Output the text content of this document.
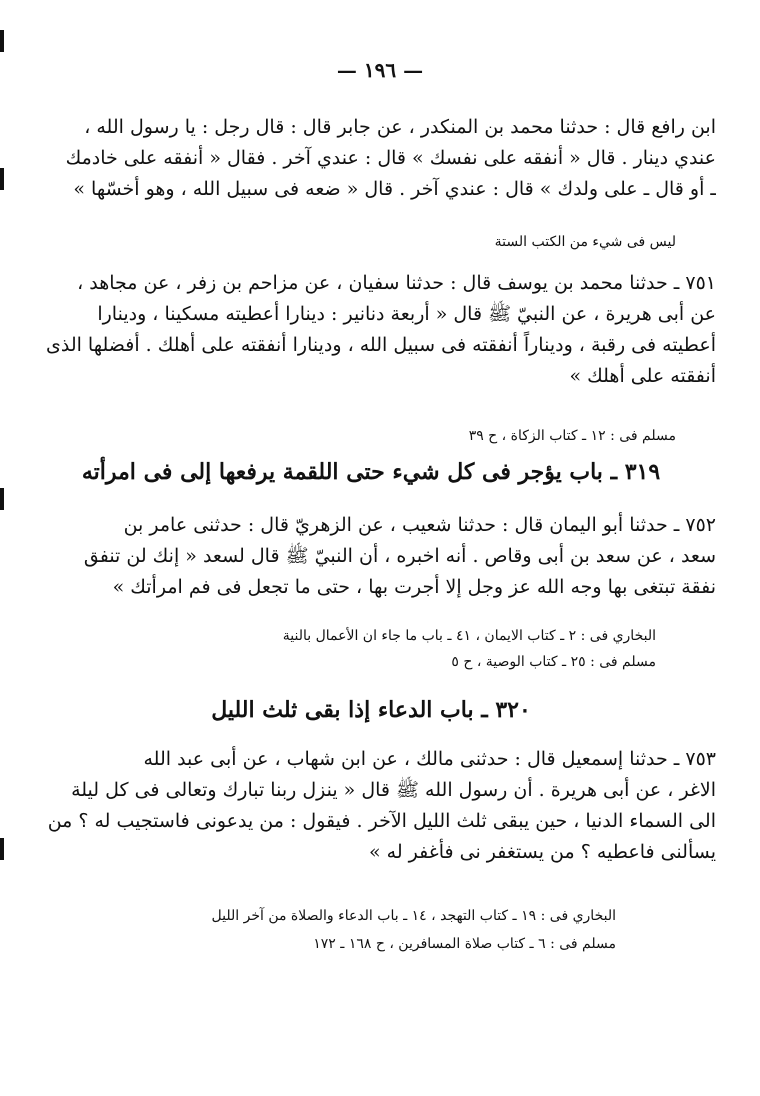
— ١٩٦ —
ابن رافع قال : حدثنا محمد بن المنكدر ، عن جابر قال : قال رجل : يا رسول الله ،
عندي دينار . قال « أنفقه على نفسك » قال : عندي آخر . فقال « أنفقه على خادمك
ـ أو قال ـ على ولدك » قال : عندي آخر . قال « ضعه فى سبيل الله ، وهو أخسّها »
ليس فى شيء من الكتب الستة
٧٥١ ـ حدثنا محمد بن يوسف قال : حدثنا سفيان ، عن مزاحم بن زفر ، عن مجاهد ،
عن أبى هريرة ، عن النبيّ ﷺ قال « أربعة دنانير : دينارا أعطيته مسكينا ، ودينارا
أعطيته فى رقبة ، وديناراً أنفقته فى سبيل الله ، ودينارا أنفقته على أهلك . أفضلها الذى
أنفقته على أهلك »
مسلم فى : ١٢ ـ كتاب الزكاة ، ح ٣٩
٣١٩ ـ باب يؤجر فى كل شيء حتى اللقمة يرفعها إلى فى امرأته
٧٥٢ ـ حدثنا أبو اليمان قال : حدثنا شعيب ، عن الزهريّ قال : حدثنى عامر بن
سعد ، عن سعد بن أبى وقاص . أنه اخبره ، أن النبيّ ﷺ قال لسعد « إنك لن تنفق
نفقة تبتغى بها وجه الله عز وجل إلا أجرت بها ، حتى ما تجعل فى فم امرأتك »
البخاري فى : ٢ ـ كتاب الايمان ، ٤١ ـ باب ما جاء ان الأعمال بالنية
مسلم فى : ٢٥ ـ كتاب الوصية ، ح ٥
٣٢٠ ـ باب الدعاء إذا بقى ثلث الليل
٧٥٣ ـ حدثنا إسمعيل قال : حدثنى مالك ، عن ابن شهاب ، عن أبى عبد الله
الاغر ، عن أبى هريرة . أن رسول الله ﷺ قال « ينزل ربنا تبارك وتعالى فى كل ليلة
الى السماء الدنيا ، حين يبقى ثلث الليل الآخر . فيقول : من يدعونى فاستجيب له ؟ من
يسألنى فاعطيه ؟ من يستغفر نى فأغفر له »
البخاري فى : ١٩ ـ كتاب التهجد ، ١٤ ـ باب الدعاء والصلاة من آخر الليل
مسلم فى : ٦ ـ كتاب صلاة المسافرين ، ح ١٦٨ ـ ١٧٢
